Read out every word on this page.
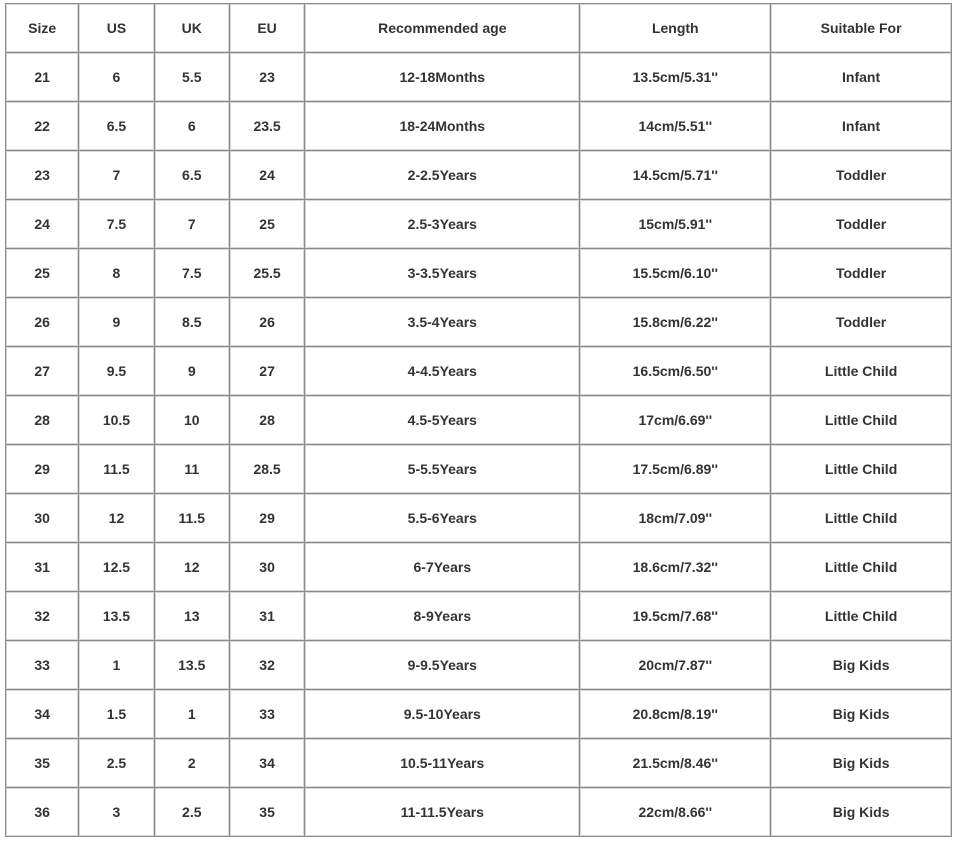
Size	US	UK	EU	Recommended age	Length	Suitable For
21	6	5.5	23	12-18Months	13.5cm/5.31''	Infant
22	6.5	6	23.5	18-24Months	14cm/5.51''	Infant
23	7	6.5	24	2-2.5Years	14.5cm/5.71''	Toddler
24	7.5	7	25	2.5-3Years	15cm/5.91''	Toddler
25	8	7.5	25.5	3-3.5Years	15.5cm/6.10''	Toddler
26	9	8.5	26	3.5-4Years	15.8cm/6.22''	Toddler
27	9.5	9	27	4-4.5Years	16.5cm/6.50''	Little Child
28	10.5	10	28	4.5-5Years	17cm/6.69''	Little Child
29	11.5	11	28.5	5-5.5Years	17.5cm/6.89''	Little Child
30	12	11.5	29	5.5-6Years	18cm/7.09''	Little Child
31	12.5	12	30	6-7Years	18.6cm/7.32''	Little Child
32	13.5	13	31	8-9Years	19.5cm/7.68''	Little Child
33	1	13.5	32	9-9.5Years	20cm/7.87''	Big Kids
34	1.5	1	33	9.5-10Years	20.8cm/8.19''	Big Kids
35	2.5	2	34	10.5-11Years	21.5cm/8.46''	Big Kids
36	3	2.5	35	11-11.5Years	22cm/8.66''	Big Kids
